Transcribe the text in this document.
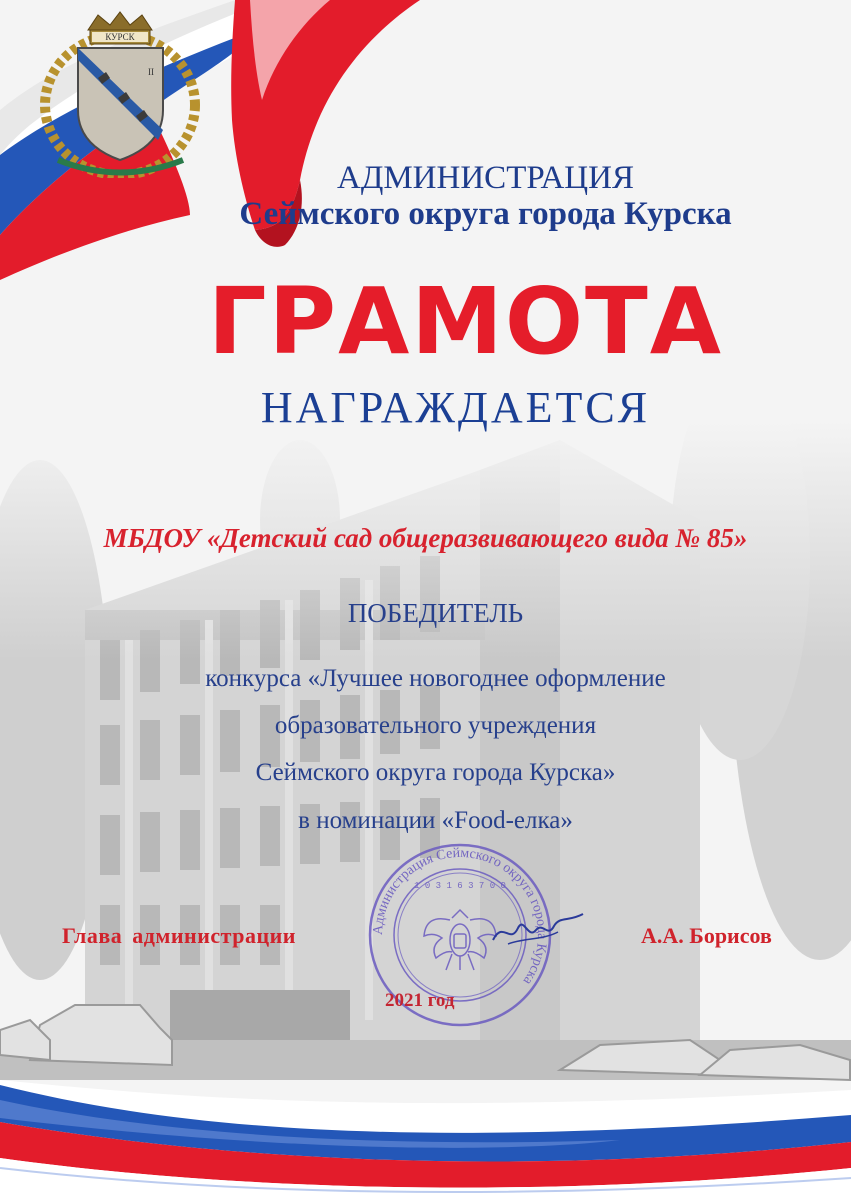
КУРСК
II
АДМИНИСТРАЦИЯ
Сеймского округа города Курска
ГРАМОТА
НАГРАЖДАЕТСЯ
МБДОУ «Детский сад общеразвивающего вида № 85»
ПОБЕДИТЕЛЬ
конкурса «Лучшее новогоднее оформление
образовательного учреждения
Сеймского округа города Курска»
в номинации «Food-елка»
Администрация Сеймского округа города Курска
1 0 3 1 6 3 7 0 0
Глава администрации	А.А. Борисов
2021 год
